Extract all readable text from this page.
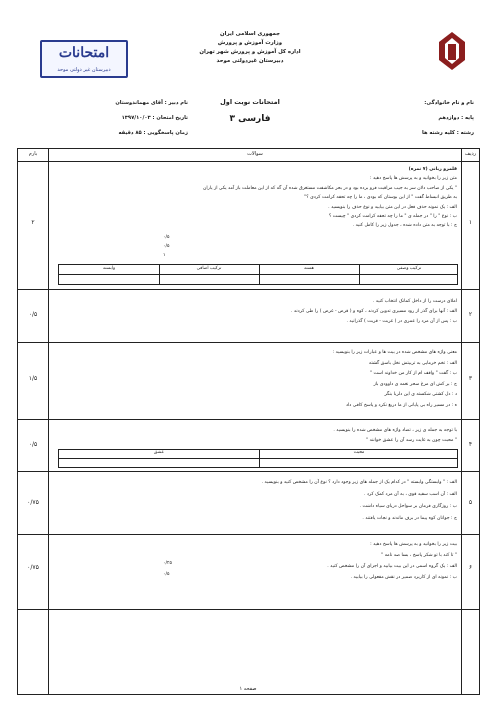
امتحانات
دبیرستان غیر دولتی موحد
جمهوری اسلامی ایران
وزارت آموزش و پرورش
اداره کل آموزش و پرورش شهر تهران
دبیرستان غیردولتی موحد
نام و نام خانوادگی:
پایه : دوازدهم
رشته : کلیه رشته ها
امتحانات نوبت اول
فارسی ۳
نام دبیر : آقای مهماندوستان
تاریخ امتحان : ۱۳۹۷/۱۰/۰۳
زمان پاسخگویی : ۸۵ دقیقه
ردیف
سوالات
بارم
۱
۲
قلمرو زبانی (۷ نمره)
متن زیر را بخوانید و به پرسش ها پاسخ دهید :
" یکی از صاحب دلان سر به جیب مراقبت فرو برده بود و در بحر مکاشفت مستغرق شده آن گه که از این معاملت باز آمد یکی از یاران
به طریق انبساط گفت " از این بوستان که بودی ، ما را چه تحفه کرامت کردی ؟"
الف : یک نمونه حذف فعل در این متن بیابید و نوع حذف را بنویسید .
ب : نوع " را " در جمله ی " ما را چه تحفه کرامت کردی " چیست ؟
ج : با توجه به متن داده شده ، جدول زیر را کامل کنید .
۰/۵
۰/۵
۱
ترکیب وصفی
هسته
ترکیب اضافی
وابسته
۲
۰/۵
املای درست را از داخل کمانک انتخاب کنید .
الف : آنها برای گذر از رود مسیری تدوین کردند ، کوه و ( قرض - غرض ) را طی کردند .
ب : پس از آن مرد را عمری در ( غربت - قربت ) گذرانید .
۳
۱/۵
معنی واژه های مشخص شده در بیت ها و عبارات زیر را بنویسید :
الف : تخم خرمایی به تربیتش نخل باسق گشته
ب : گفت " واقف ام از کار من خداوند است "
ج : بر کش ای مرغ سحر نغمه ی داوودی باز
د : دل کشتی شکسته ی این دلربا بنگر
ه : در مسیر راه بی پایانی از ما دریغ نکرد و پاسخ کافی داد
۴
۰/۵
با توجه به جمله ی زیر ، تضاد واژه های مشخص شده را بنویسید .
" محبت چون به غایت رسد آن را عشق خوانند "
محبت
عشق
۵
۰/۷۵
الف : " وابستگی وابسته " در کدام یک از جمله های زیر وجود دارد ؟ نوع آن را مشخص کنید و بنویسید .
الف : آن اسب سفید قوی ، به آن مرد کمک کرد .
ب : روزگاری فرمان بر سواحل دریای سیاه داشت .
ج : جوانان کوه پیما در برف ماندند و نجات یافتند .
۶
۰/۷۵
بیت زیر را بخوانید و به پرسش ها پاسخ دهید :
" تا کند با تو شکر پاسخ ، بسا صد نامه "
الف : یک گروه اسمی در این بیت بیابید و اجزای آن را مشخص کنید .
ب : نمونه ای از کاربرد ضمیر در نقش مفعولی را بیابید .
۰/۲۵
۰/۵
صفحه ۱
